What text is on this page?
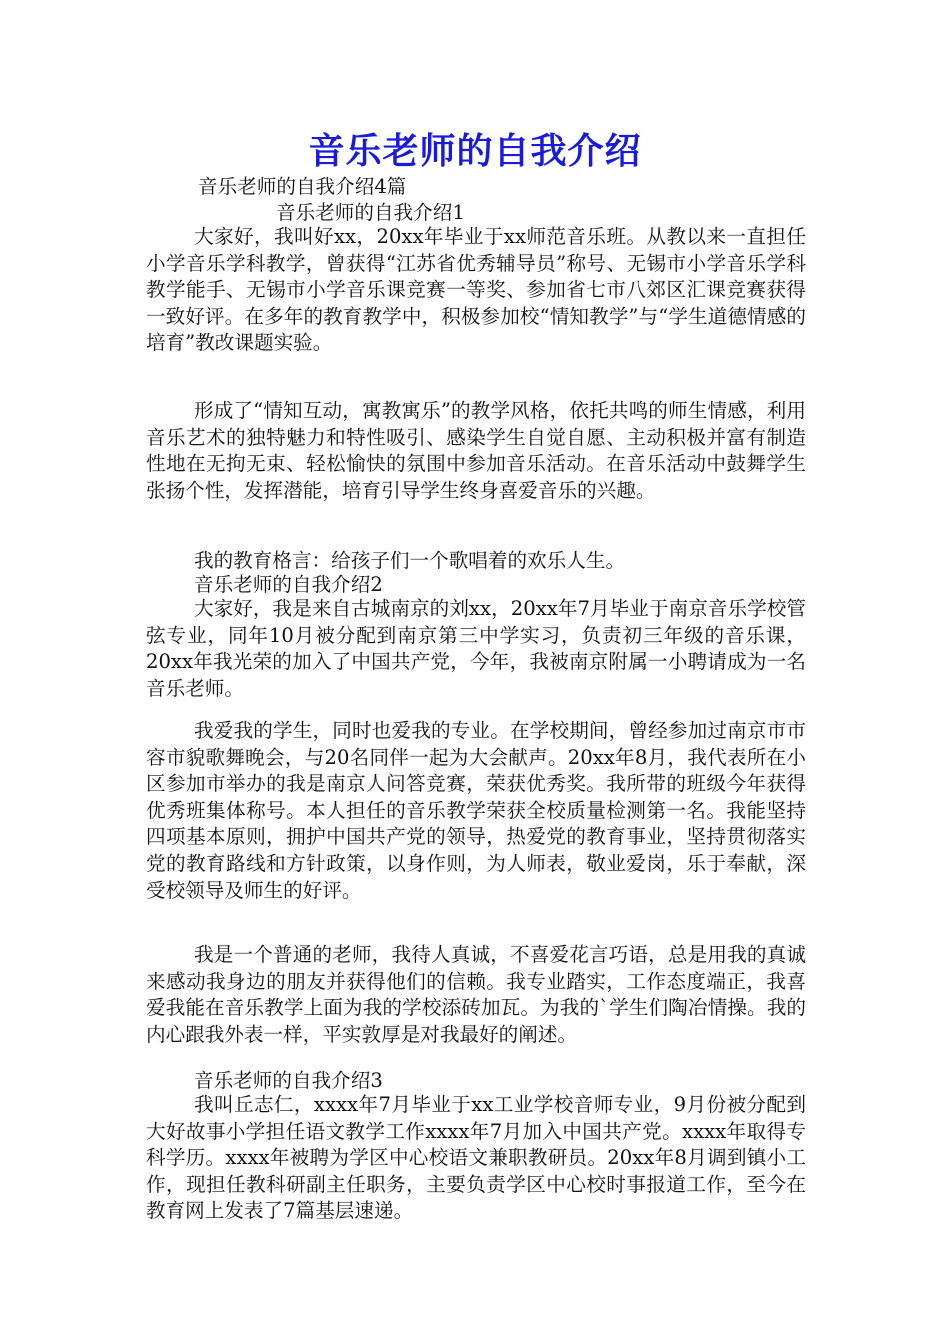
音乐老师的自我介绍
音乐老师的自我介绍4篇
音乐老师的自我介绍1

大家好，我叫好xx，20xx年毕业于xx师范音乐班。从教以来一直担任小学音乐学科教学，曾获得“江苏省优秀辅导员”称号、无锡市小学音乐学科教学能手、无锡市小学音乐课竞赛一等奖、参加省七市八郊区汇课竞赛获得一致好评。在多年的教育教学中，积极参加校“情知教学”与“学生道德情感的培育”教改课题实验。

形成了“情知互动，寓教寓乐”的教学风格，依托共鸣的师生情感，利用音乐艺术的独特魅力和特性吸引、感染学生自觉自愿、主动积极并富有制造性地在无拘无束、轻松愉快的氛围中参加音乐活动。在音乐活动中鼓舞学生张扬个性，发挥潜能，培育引导学生终身喜爱音乐的兴趣。

我的教育格言：给孩子们一个歌唱着的欢乐人生。
音乐老师的自我介绍2

大家好，我是来自古城南京的刘xx，20xx年7月毕业于南京音乐学校管弦专业，同年10月被分配到南京第三中学实习，负责初三年级的音乐课，20xx年我光荣的加入了中国共产党，今年，我被南京附属一小聘请成为一名音乐老师。

我爱我的学生，同时也爱我的专业。在学校期间，曾经参加过南京市市容市貌歌舞晚会，与20名同伴一起为大会献声。20xx年8月，我代表所在小区参加市举办的我是南京人问答竞赛，荣获优秀奖。我所带的班级今年获得优秀班集体称号。本人担任的音乐教学荣获全校质量检测第一名。我能坚持四项基本原则，拥护中国共产党的领导，热爱党的教育事业，坚持贯彻落实党的教育路线和方针政策，以身作则，为人师表，敬业爱岗，乐于奉献，深受校领导及师生的好评。

我是一个普通的老师，我待人真诚，不喜爱花言巧语，总是用我的真诚来感动我身边的朋友并获得他们的信赖。我专业踏实，工作态度端正，我喜爱我能在音乐教学上面为我的学校添砖加瓦。为我的`学生们陶冶情操。我的内心跟我外表一样，平实敦厚是对我最好的阐述。

音乐老师的自我介绍3

我叫丘志仁，xxxx年7月毕业于xx工业学校音师专业，9月份被分配到大好故事小学担任语文教学工作xxxx年7月加入中国共产党。xxxx年取得专科学历。xxxx年被聘为学区中心校语文兼职教研员。20xx年8月调到镇小工作，现担任教科研副主任职务，主要负责学区中心校时事报道工作，至今在教育网上发表了7篇基层速递。
